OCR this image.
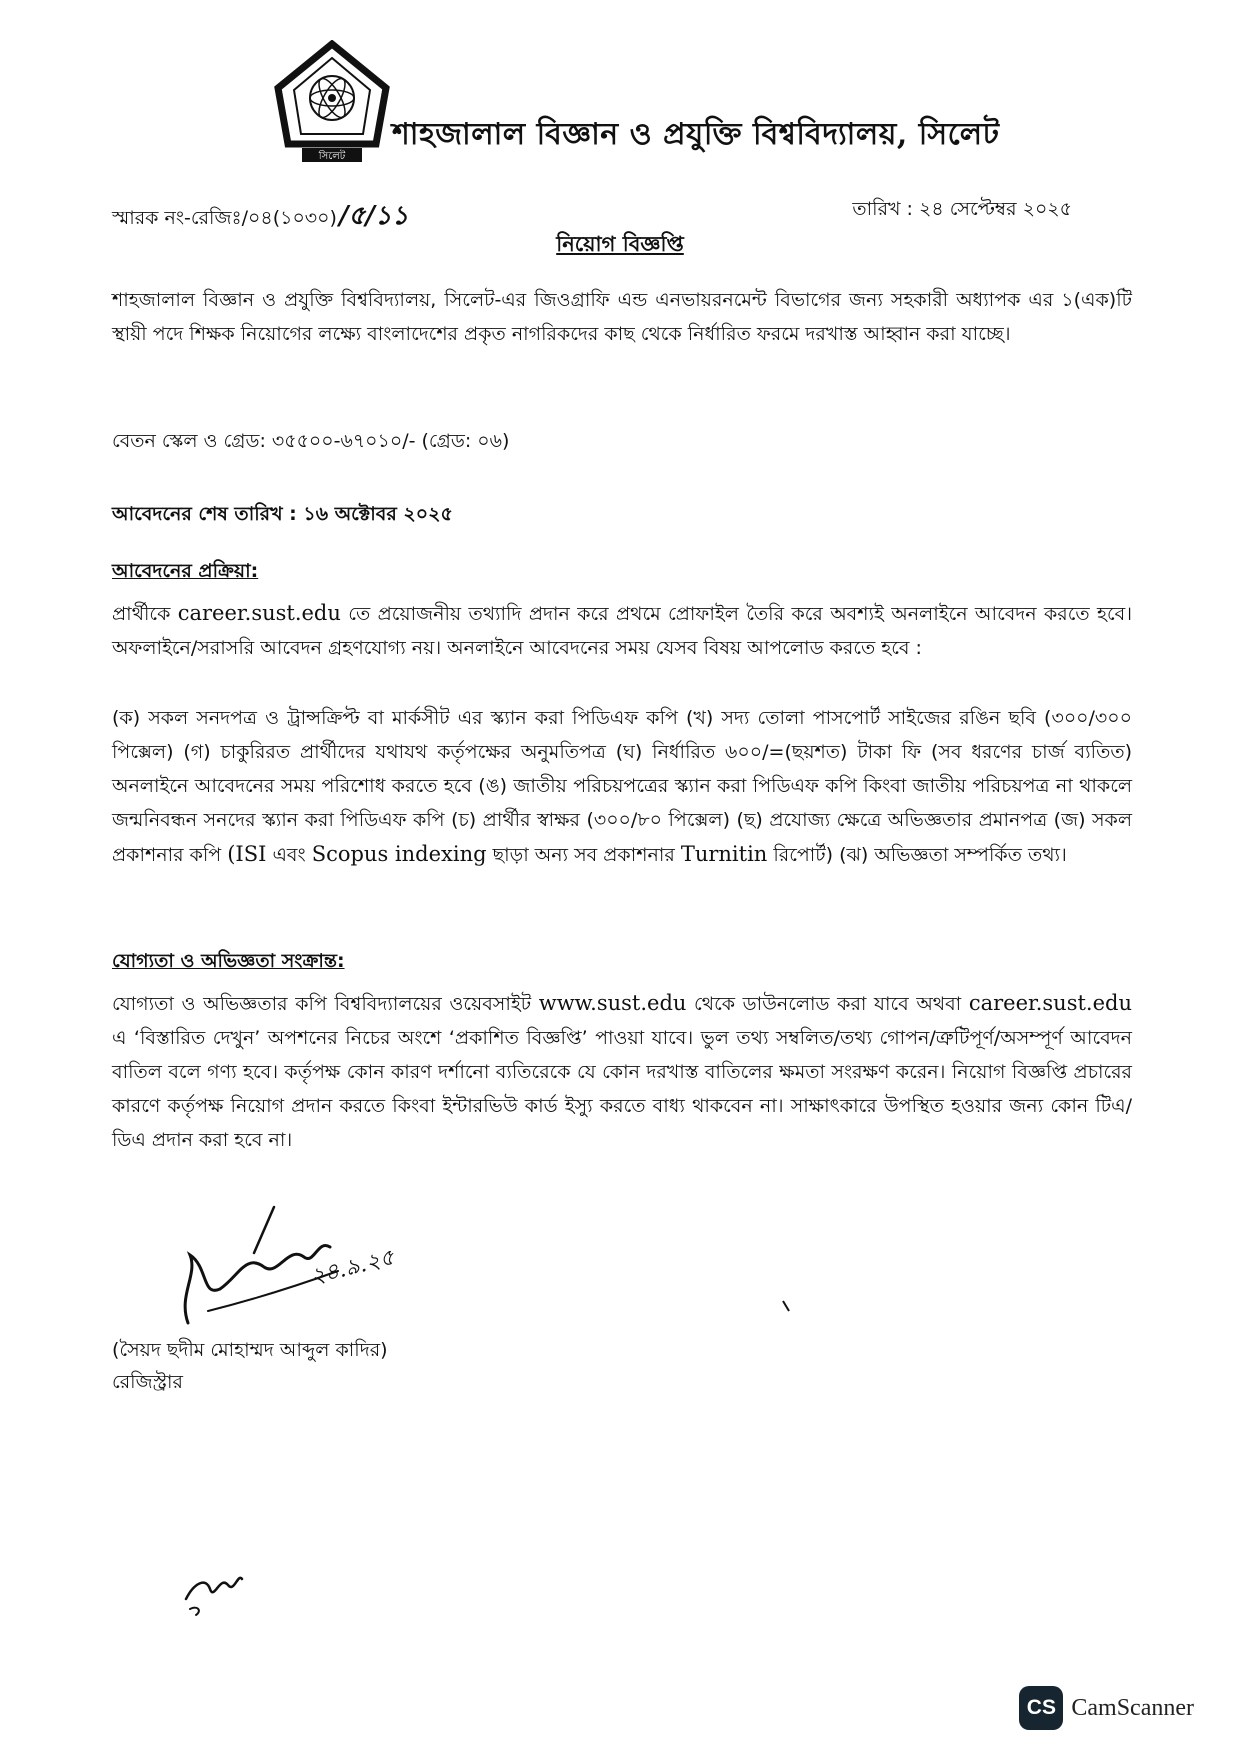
সিলেট
শাহজালাল বিজ্ঞান ও প্রযুক্তি বিশ্ববিদ্যালয়, সিলেট
স্মারক নং-রেজিঃ/০৪(১০৩০)/৫/১১	তারিখ : ২৪ সেপ্টেম্বর ২০২৫
নিয়োগ বিজ্ঞপ্তি
শাহজালাল বিজ্ঞান ও প্রযুক্তি বিশ্ববিদ্যালয়, সিলেট-এর জিওগ্রাফি এন্ড এনভায়রনমেন্ট বিভাগের জন্য সহকারী অধ্যাপক এর ১(এক)টি স্থায়ী পদে শিক্ষক নিয়োগের লক্ষ্যে বাংলাদেশের প্রকৃত নাগরিকদের কাছ থেকে নির্ধারিত ফরমে দরখাস্ত আহ্বান করা যাচ্ছে।
বেতন স্কেল ও গ্রেড: ৩৫৫০০-৬৭০১০/- (গ্রেড: ০৬)
আবেদনের শেষ তারিখ : ১৬ অক্টোবর ২০২৫
আবেদনের প্রক্রিয়া:
প্রার্থীকে career.sust.edu তে প্রয়োজনীয় তথ্যাদি প্রদান করে প্রথমে প্রোফাইল তৈরি করে অবশ্যই অনলাইনে আবেদন করতে হবে। অফলাইনে/সরাসরি আবেদন গ্রহণযোগ্য নয়। অনলাইনে আবেদনের সময় যেসব বিষয় আপলোড করতে হবে :
(ক) সকল সনদপত্র ও ট্রান্সক্রিপ্ট বা মার্কসীট এর স্ক্যান করা পিডিএফ কপি (খ) সদ্য তোলা পাসপোর্ট সাইজের রঙিন ছবি (৩০০/৩০০ পিক্সেল) (গ) চাকুরিরত প্রার্থীদের যথাযথ কর্তৃপক্ষের অনুমতিপত্র (ঘ) নির্ধারিত ৬০০/=(ছয়শত) টাকা ফি (সব ধরণের চার্জ ব্যতিত) অনলাইনে আবেদনের সময় পরিশোধ করতে হবে (ঙ) জাতীয় পরিচয়পত্রের স্ক্যান করা পিডিএফ কপি কিংবা জাতীয় পরিচয়পত্র না থাকলে জন্মনিবন্ধন সনদের স্ক্যান করা পিডিএফ কপি (চ) প্রার্থীর স্বাক্ষর (৩০০/৮০ পিক্সেল) (ছ) প্রযোজ্য ক্ষেত্রে অভিজ্ঞতার প্রমানপত্র (জ) সকল প্রকাশনার কপি (ISI এবং Scopus indexing ছাড়া অন্য সব প্রকাশনার Turnitin রিপোর্ট) (ঝ) অভিজ্ঞতা সম্পর্কিত তথ্য।
যোগ্যতা ও অভিজ্ঞতা সংক্রান্ত:
যোগ্যতা ও অভিজ্ঞতার কপি বিশ্ববিদ্যালয়ের ওয়েবসাইট www.sust.edu থেকে ডাউনলোড করা যাবে অথবা career.sust.edu এ ‘বিস্তারিত দেখুন’ অপশনের নিচের অংশে ‘প্রকাশিত বিজ্ঞপ্তি’ পাওয়া যাবে। ভুল তথ্য সম্বলিত/তথ্য গোপন/ত্রুটিপূর্ণ/অসম্পূর্ণ আবেদন বাতিল বলে গণ্য হবে। কর্তৃপক্ষ কোন কারণ দর্শানো ব্যতিরেকে যে কোন দরখাস্ত বাতিলের ক্ষমতা সংরক্ষণ করেন। নিয়োগ বিজ্ঞপ্তি প্রচারের কারণে কর্তৃপক্ষ নিয়োগ প্রদান করতে কিংবা ইন্টারভিউ কার্ড ইস্যু করতে বাধ্য থাকবেন না। সাক্ষাৎকারে উপস্থিত হওয়ার জন্য কোন টিএ/ডিএ প্রদান করা হবে না।
২৪.৯.২৫
(সৈয়দ ছদীম মোহাম্মদ আব্দুল কাদির)
রেজিস্ট্রার
CS CamScanner
